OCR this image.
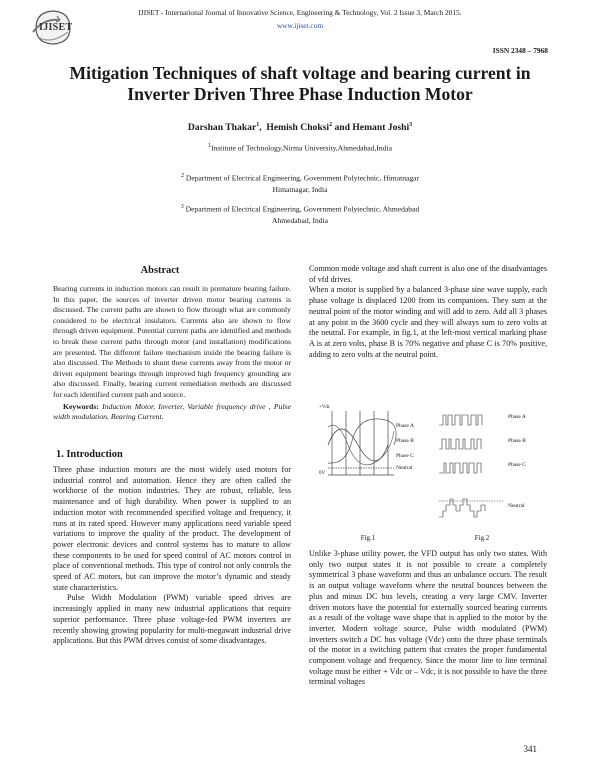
IJISET
IJISET - International Journal of Innovative Science, Engineering & Technology, Vol. 2 Issue 3, March 2015.
www.ijiset.com
ISSN 2348 – 7968
Mitigation Techniques of shaft voltage and bearing current in
Inverter Driven Three Phase Induction Motor
Darshan Thakar$^1$,  Hemish Choksi$^2$ and Hemant Joshi$^3$
$^1$Institute of Technology,Nirma University,Ahmedabad,India
$^2$ Department of Electrical Engineering, Government Polytechnic, Himatnagar
Himatnagar, India
$^3$ Department of Electrical Engineering, Government Polytechnic, Ahmedabad
Ahmedabad, India
Abstract
Bearing currents in induction motors can result in premature bearing failure. In this paper, the sources of inverter driven motor bearing currents is discussed. The current paths are shown to flow through what are commonly considered to be electrical insulators. Currents also are shown to flow through driven equipment. Potential current paths are identified and methods to break these current paths through motor (and installation) modifications are presented. The different failure mechanism inside the bearing failure is also discussed. The Methods to shunt these currents away from the motor or driven equipment bearings through improved high frequency grounding are also discussed. Finally, bearing current remediation methods are discussed for each identified current path and source.
Keywords: Induction Motor, Inverter, Variable frequency drive , Pulse width modulation, Bearing Current.
1. Introduction
Three phase induction motors are the most widely used motors for industrial control and automation. Hence they are often called the workhorse of the motion industries. They are robust, reliable, less maintenance and of high durability. When power is supplied to an induction motor with recommended specified voltage and frequency, it runs at its rated speed. However many applications need variable speed variations to improve the quality of the product. The development of power electronic devices and control systems has to mature to allow these components to be used for speed control of AC motors control in place of conventional methods. This type of control not only controls the speed of AC motors, but can improve the motor’s dynamic and steady state characteristics.
Pulse Width Modulation (PWM) variable speed drives are increasingly applied in many new industrial applications that require superior performance. Three phase voltage-fed PWM inverters are recently showing growing popularity for multi-megawatt industrial drive applications. But this PWM drives consist of some disadvantages.
Common mode voltage and shaft current is also one of the disadvantages of vfd drives.
When a motor is supplied by a balanced 3-phase sine wave supply, each phase voltage is displaced 1200 from its companions. They sum at the neutral point of the motor winding and will add to zero. Add all 3 phases at any point in the 3600 cycle and they will always sum to zero volts at the neutral. For example, in fig.1, at the left-most vertical marking phase A is at zero volts, phase B is 70% negative and phase C is 70% positive, adding to zero volts at the neutral point.
+Vdc
Phase A
Phase B
Phase C
Neutral
0V
Fig.1
Phase A
Phase B
Phase C
Neutral
Fig.2
Unlike 3-phase utility power, the VFD output has only two states. With only two output states it is not possible to create a completely symmetrical 3 phase waveform and thus an unbalance occurs. The result is an output voltage waveform where the neutral bounces between the plus and minus DC bus levels, creating a very large CMV. Inverter driven motors have the potential for externally sourced bearing currents as a result of the voltage wave shape that is applied to the motor by the inverter. Modern voltage source, Pulse width modulated (PWM) inverters switch a DC bus voltage (Vdc) onto the three phase terminals of the motor in a switching pattern that creates the proper fundamental component voltage and frequency. Since the motor line to line terminal voltage must be either + Vdc or – Vdc, it is not possible to have the three terminal voltages
341
